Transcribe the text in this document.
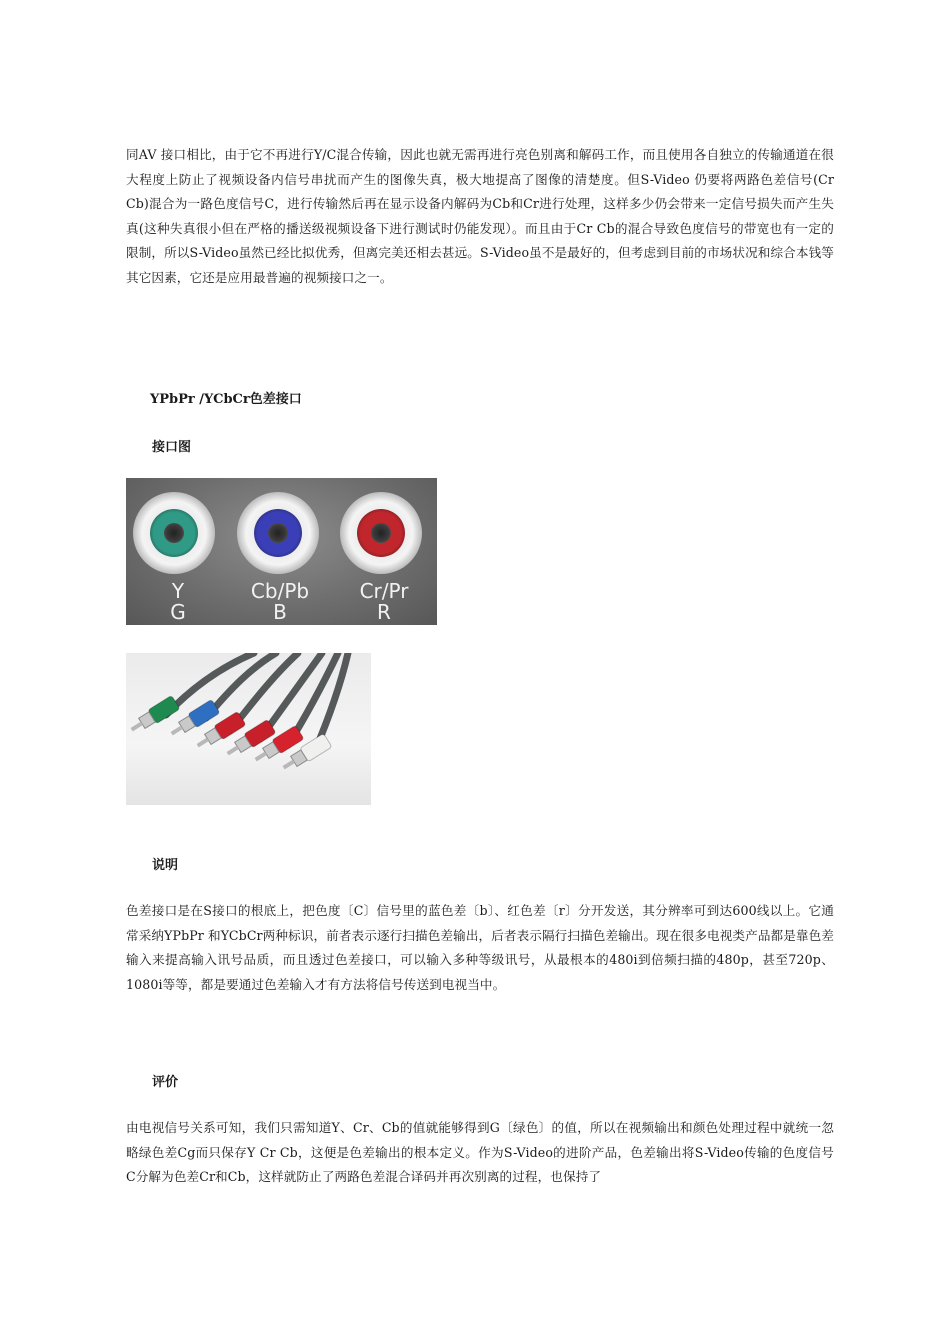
同AV 接口相比，由于它不再进行Y/C混合传输，因此也就无需再进行亮色别离和解码工作，而且使用各自独立的传输通道在很大程度上防止了视频设备内信号串扰而产生的图像失真，极大地提高了图像的清楚度。但S-Video 仍要将两路色差信号(Cr Cb)混合为一路色度信号C，进行传输然后再在显示设备内解码为Cb和Cr进行处理，这样多少仍会带来一定信号损失而产生失真(这种失真很小但在严格的播送级视频设备下进行测试时仍能发现）。而且由于Cr Cb的混合导致色度信号的带宽也有一定的限制，所以S-Video虽然已经比拟优秀，但离完美还相去甚远。S-Video虽不是最好的，但考虑到目前的市场状况和综合本钱等其它因素，它还是应用最普遍的视频接口之一。

YPbPr /YCbCr色差接口

接口图

Y
G
Cb/Pb
B
Cr/Pr
R

说明

色差接口是在S接口的根底上，把色度〔C〕信号里的蓝色差〔b〕、红色差〔r〕分开发送，其分辨率可到达600线以上。它通常采纳YPbPr 和YCbCr两种标识，前者表示逐行扫描色差输出，后者表示隔行扫描色差输出。现在很多电视类产品都是靠色差输入来提高输入讯号品质，而且透过色差接口，可以输入多种等级讯号，从最根本的480i到倍频扫描的480p，甚至720p、1080i等等，都是要通过色差输入才有方法将信号传送到电视当中。

评价

由电视信号关系可知，我们只需知道Y、Cr、Cb的值就能够得到G〔绿色〕的值，所以在视频输出和颜色处理过程中就统一忽略绿色差Cg而只保存Y Cr Cb，这便是色差输出的根本定义。作为S-Video的进阶产品，色差输出将S-Video传输的色度信号C分解为色差Cr和Cb，这样就防止了两路色差混合译码并再次别离的过程，也保持了
